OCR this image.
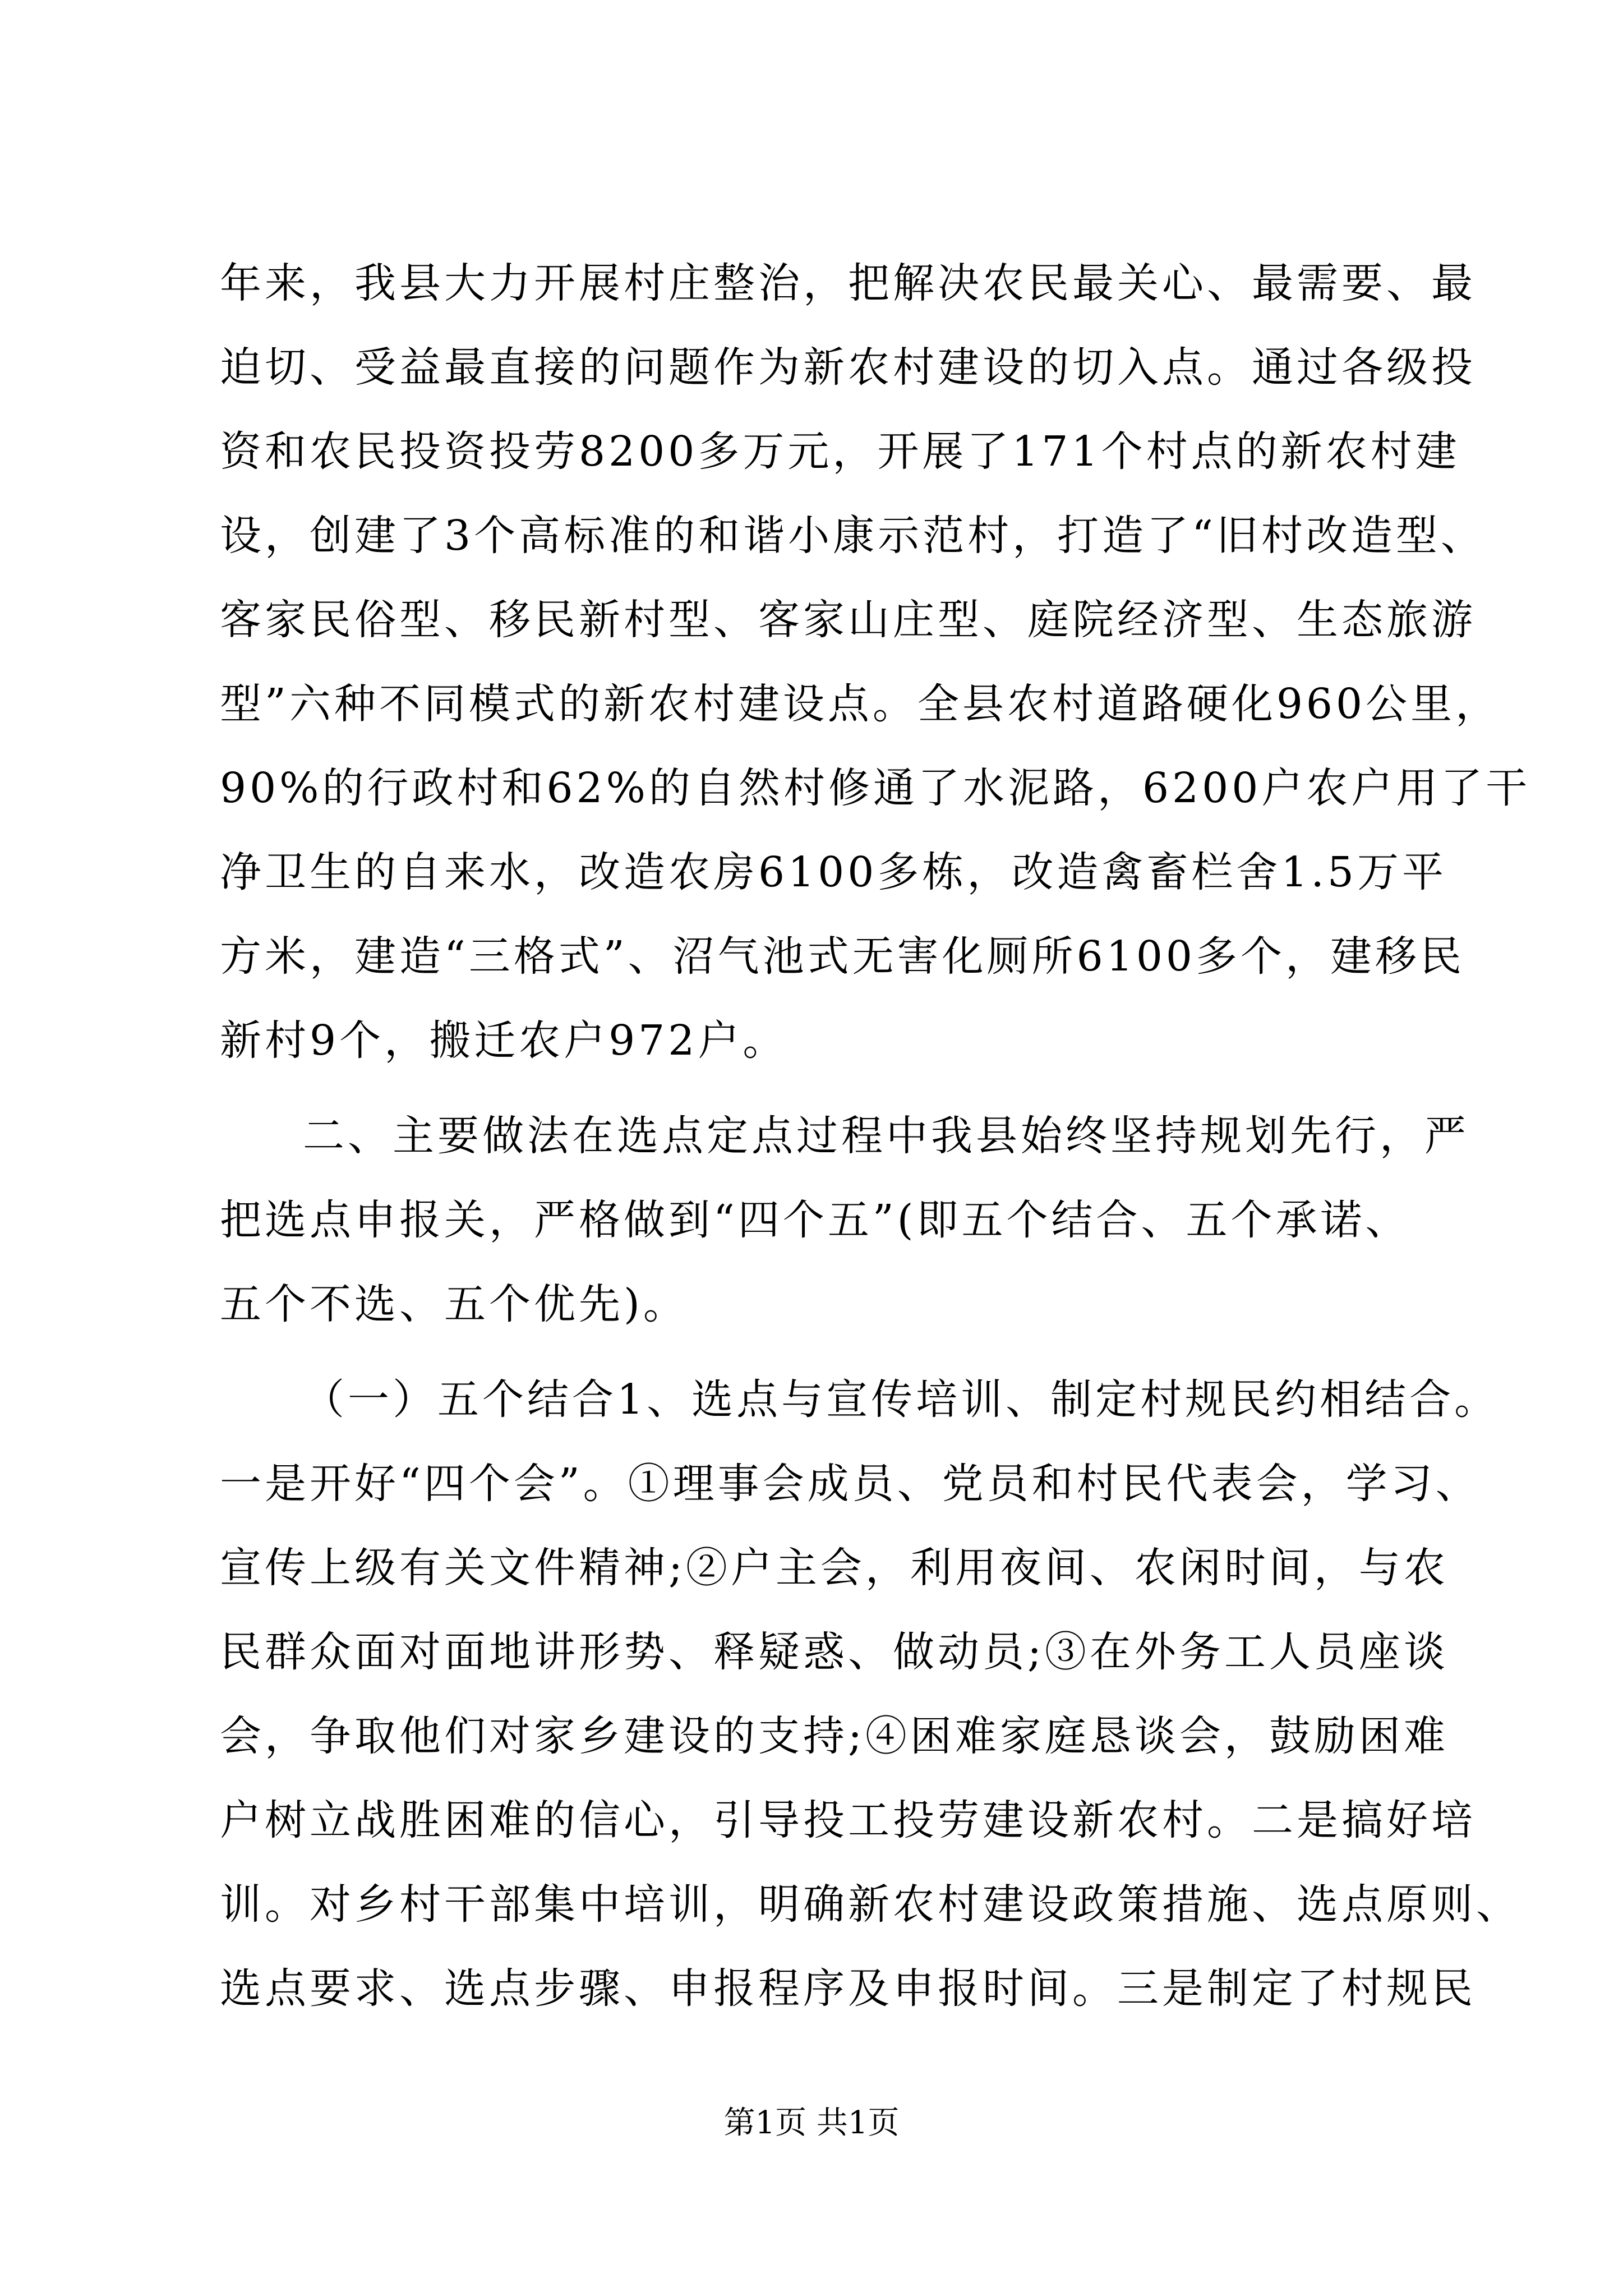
年来，我县大力开展村庄整治，把解决农民最关心、最需要、最
迫切、受益最直接的问题作为新农村建设的切入点。通过各级投
资和农民投资投劳8200多万元，开展了171个村点的新农村建
设，创建了3个高标准的和谐小康示范村，打造了“旧村改造型、
客家民俗型、移民新村型、客家山庄型、庭院经济型、生态旅游
型”六种不同模式的新农村建设点。全县农村道路硬化960公里，
90%的行政村和62%的自然村修通了水泥路，6200户农户用了干
净卫生的自来水，改造农房6100多栋，改造禽畜栏舍1.5万平
方米，建造“三格式”、沼气池式无害化厕所6100多个，建移民
新村9个，搬迁农户972户。
二、主要做法在选点定点过程中我县始终坚持规划先行，严
把选点申报关，严格做到“四个五”(即五个结合、五个承诺、
五个不选、五个优先)。
（一）五个结合1、选点与宣传培训、制定村规民约相结合。
一是开好“四个会”。①理事会成员、党员和村民代表会，学习、
宣传上级有关文件精神;②户主会，利用夜间、农闲时间，与农
民群众面对面地讲形势、释疑惑、做动员;③在外务工人员座谈
会，争取他们对家乡建设的支持;④困难家庭恳谈会，鼓励困难
户树立战胜困难的信心，引导投工投劳建设新农村。二是搞好培
训。对乡村干部集中培训，明确新农村建设政策措施、选点原则、
选点要求、选点步骤、申报程序及申报时间。三是制定了村规民
第1页 共1页
